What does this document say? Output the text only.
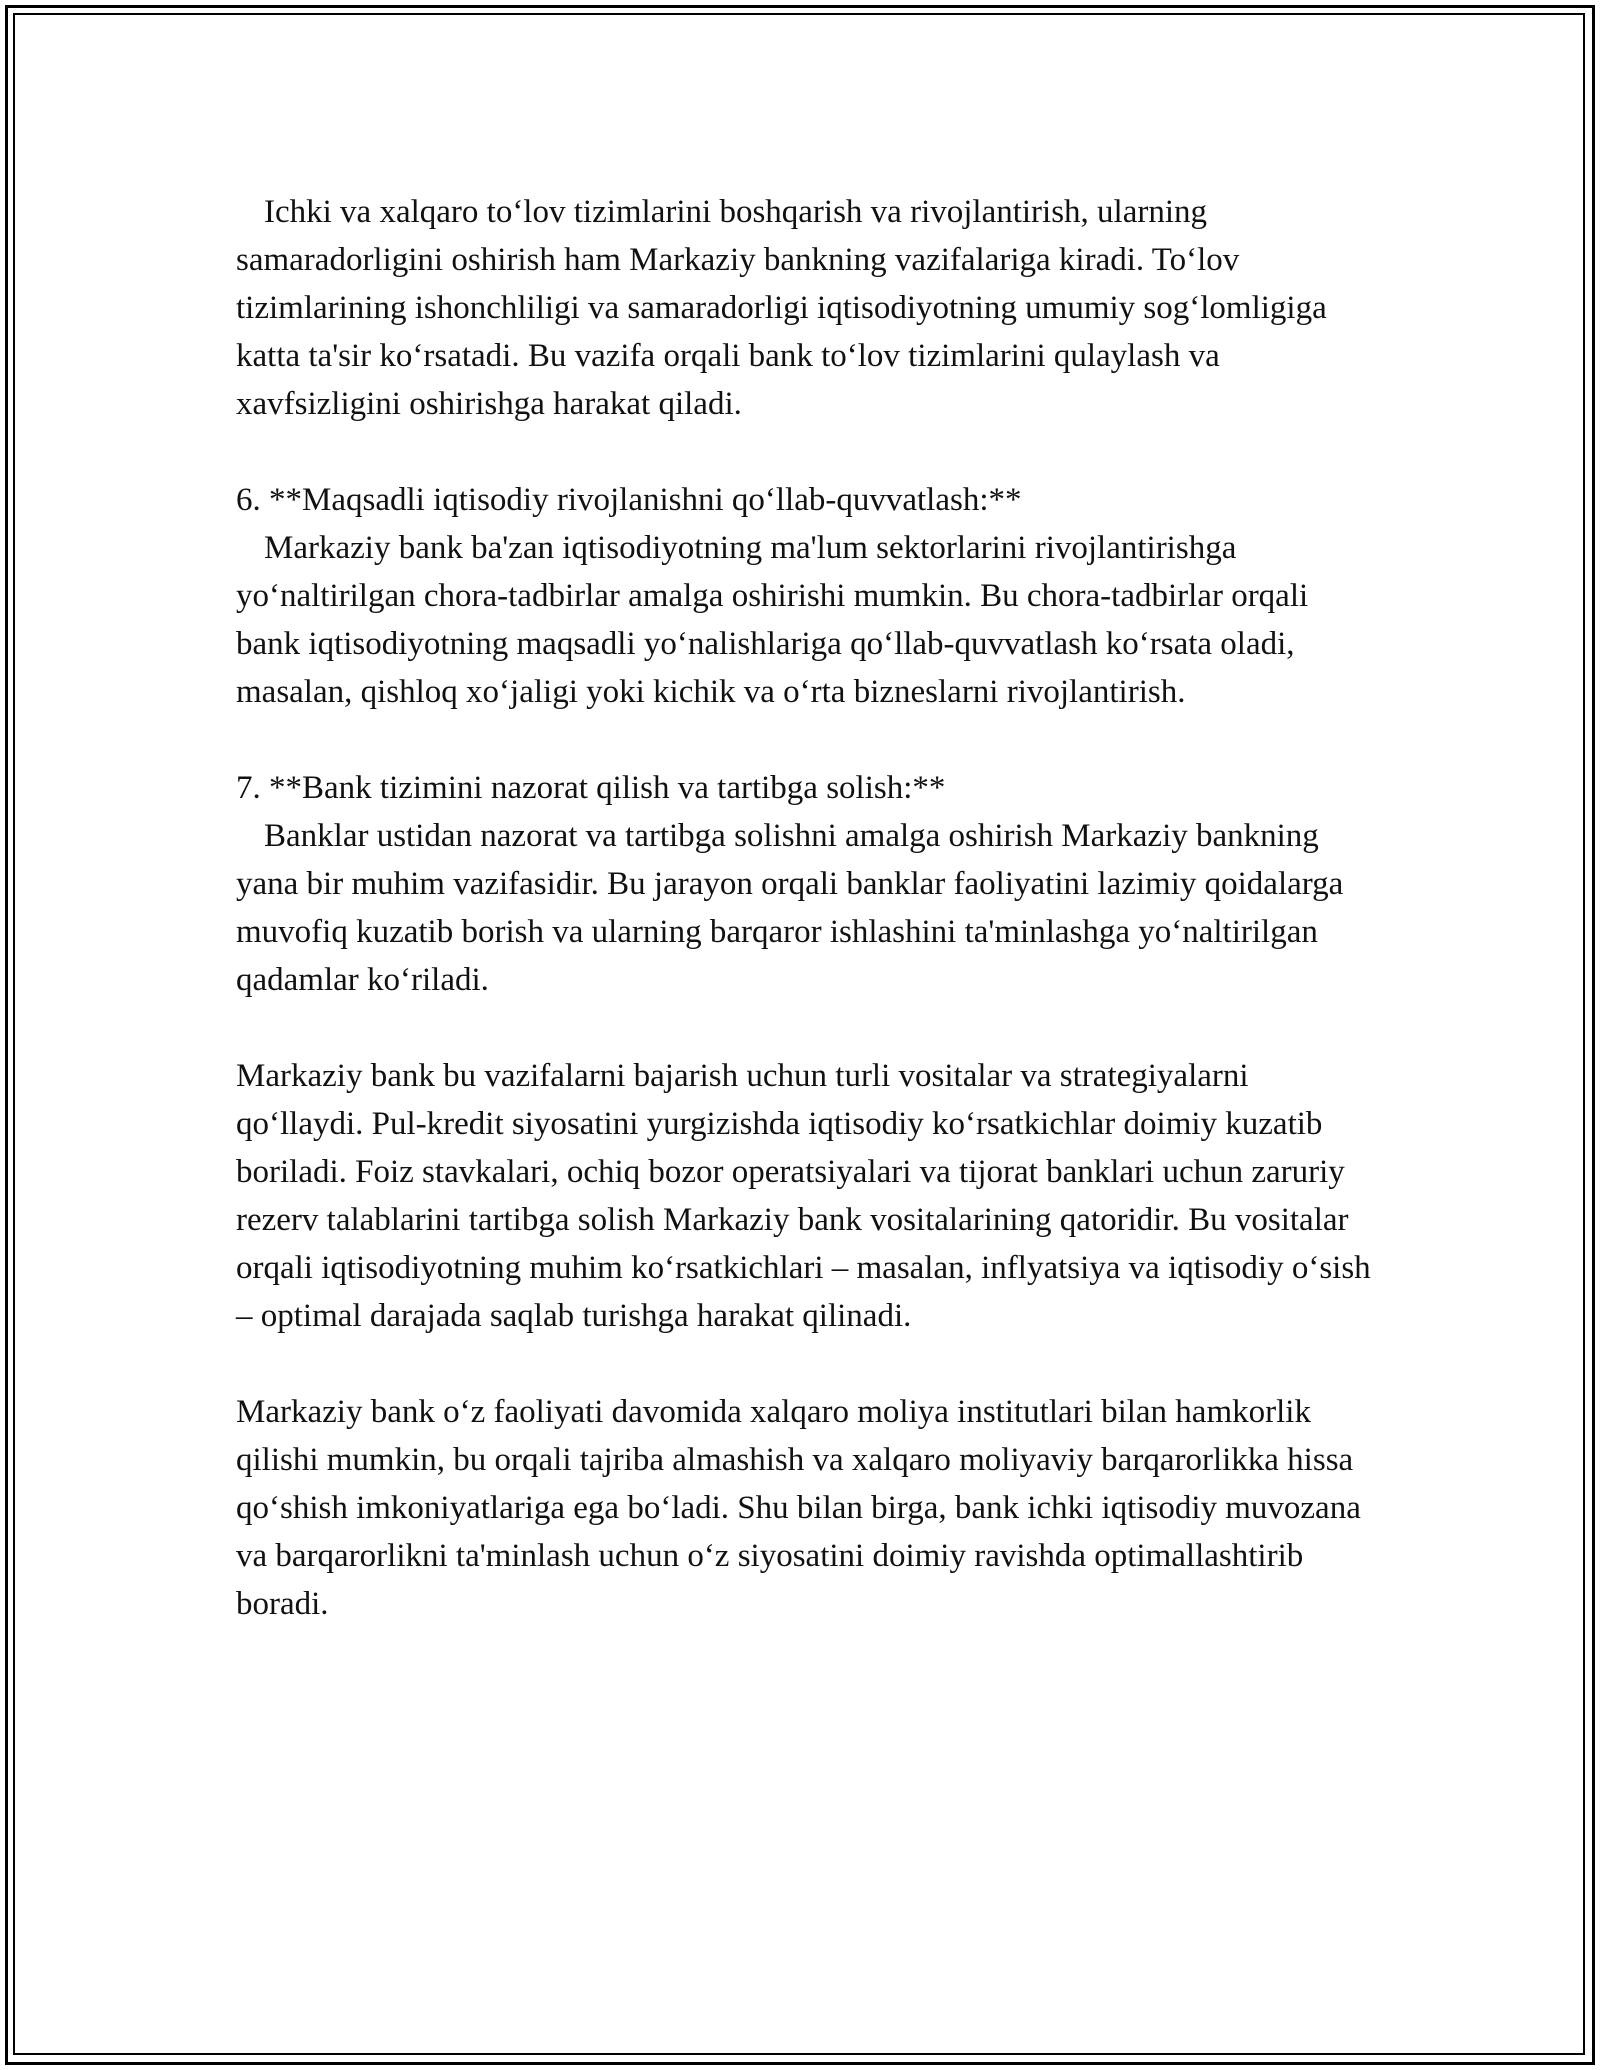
Ichki va xalqaro to‘lov tizimlarini boshqarish va rivojlantirish, ularning samaradorligini oshirish ham Markaziy bankning vazifalariga kiradi. To‘lov tizimlarining ishonchliligi va samaradorligi iqtisodiyotning umumiy sog‘lomligiga katta ta'sir ko‘rsatadi. Bu vazifa orqali bank to‘lov tizimlarini qulaylash va xavfsizligini oshirishga harakat qiladi.

6. **Maqsadli iqtisodiy rivojlanishni qo‘llab-quvvatlash:**

Markaziy bank ba'zan iqtisodiyotning ma'lum sektorlarini rivojlantirishga yo‘naltirilgan chora-tadbirlar amalga oshirishi mumkin. Bu chora-tadbirlar orqali bank iqtisodiyotning maqsadli yo‘nalishlariga qo‘llab-quvvatlash ko‘rsata oladi, masalan, qishloq xo‘jaligi yoki kichik va o‘rta bizneslarni rivojlantirish.

7. **Bank tizimini nazorat qilish va tartibga solish:**

Banklar ustidan nazorat va tartibga solishni amalga oshirish Markaziy bankning yana bir muhim vazifasidir. Bu jarayon orqali banklar faoliyatini lazimiy qoidalarga muvofiq kuzatib borish va ularning barqaror ishlashini ta'minlashga yo‘naltirilgan qadamlar ko‘riladi.

Markaziy bank bu vazifalarni bajarish uchun turli vositalar va strategiyalarni qo‘llaydi. Pul-kredit siyosatini yurgizishda iqtisodiy ko‘rsatkichlar doimiy kuzatib boriladi. Foiz stavkalari, ochiq bozor operatsiyalari va tijorat banklari uchun zaruriy rezerv talablarini tartibga solish Markaziy bank vositalarining qatoridir. Bu vositalar orqali iqtisodiyotning muhim ko‘rsatkichlari – masalan, inflyatsiya va iqtisodiy o‘sish – optimal darajada saqlab turishga harakat qilinadi.

Markaziy bank o‘z faoliyati davomida xalqaro moliya institutlari bilan hamkorlik qilishi mumkin, bu orqali tajriba almashish va xalqaro moliyaviy barqarorlikka hissa qo‘shish imkoniyatlariga ega bo‘ladi. Shu bilan birga, bank ichki iqtisodiy muvozana va barqarorlikni ta'minlash uchun o‘z siyosatini doimiy ravishda optimallashtirib boradi.
